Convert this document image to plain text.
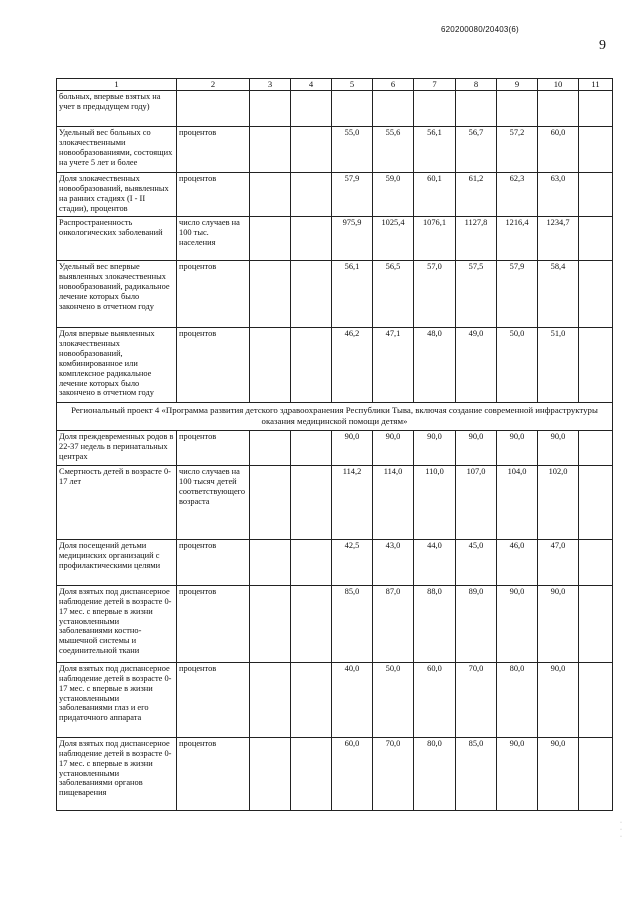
620200080/20403(6)
9
1	2	3	4	5	6	7	8	9	10	11
больных, впервые взятых на учет в предыдущем году)										
Удельный вес больных со злокачественными новообразованиями, состоящих на учете 5 лет и более	процентов			55,0	55,6	56,1	56,7	57,2	60,0	
Доля злокачественных новообразований, выявленных на ранних стадиях (I - II стадии), процентов	процентов			57,9	59,0	60,1	61,2	62,3	63,0	
Распространенность онкологических заболеваний	число случаев на 100 тыс. населения			975,9	1025,4	1076,1	1127,8	1216,4	1234,7	
Удельный вес впервые выявленных злокачественных новообразований, радикальное лечение которых было закончено в отчетном году	процентов			56,1	56,5	57,0	57,5	57,9	58,4	
Доля впервые выявленных злокачественных новообразований, комбинированное или комплексное радикальное лечение которых было закончено в отчетном году	процентов			46,2	47,1	48,0	49,0	50,0	51,0	
Региональный проект 4 «Программа развития детского здравоохранения Республики Тыва, включая создание современной инфраструктуры оказания медицинской помощи детям»										
Доля преждевременных родов в 22-37 недель в перинатальных центрах	процентов			90,0	90,0	90,0	90,0	90,0	90,0	
Смертность детей в возрасте 0-17 лет	число случаев на 100 тысяч детей соответствующего возраста			114,2	114,0	110,0	107,0	104,0	102,0	
Доля посещений детьми медицинских организаций с профилактическими целями	процентов			42,5	43,0	44,0	45,0	46,0	47,0	
Доля взятых под диспансерное наблюдение детей в возрасте 0-17 мес. с впервые в жизни установленными заболеваниями костно-мышечной системы и соединительной ткани	процентов			85,0	87,0	88,0	89,0	90,0	90,0	
Доля взятых под диспансерное наблюдение детей в возрасте 0-17 мес. с впервые в жизни установленными заболеваниями глаз и его придаточного аппарата	процентов			40,0	50,0	60,0	70,0	80,0	90,0	
Доля взятых под диспансерное наблюдение детей в возрасте 0-17 мес. с впервые в жизни установленными заболеваниями органов пищеварения	процентов			60,0	70,0	80,0	85,0	90,0	90,0	
·
·
·
